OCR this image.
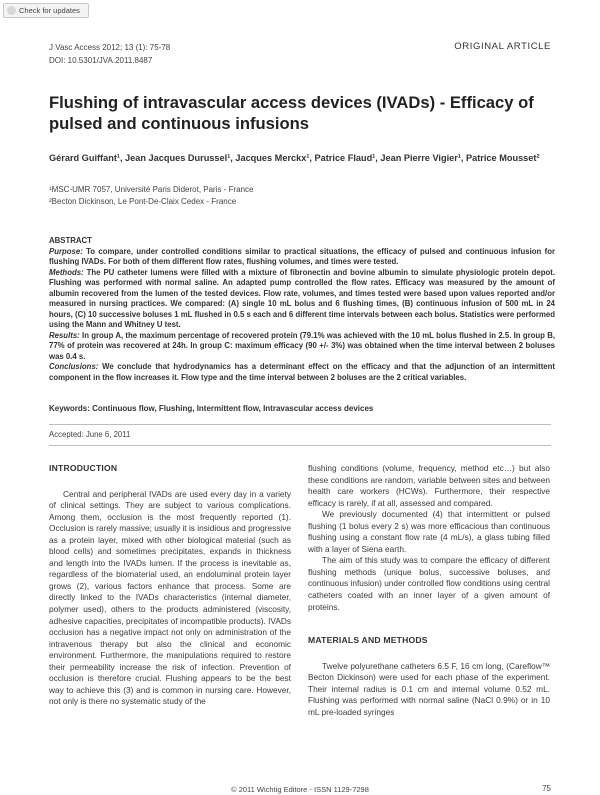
Check for updates
J Vasc Access 2012; 13 (1): 75-78
DOI: 10.5301/JVA.2011.8487
ORIGINAL ARTICLE
Flushing of intravascular access devices (IVADs) - Efficacy of pulsed and continuous infusions
Gérard Guiffant¹, Jean Jacques Durussel¹, Jacques Merckx¹, Patrice Flaud¹, Jean Pierre Vigier¹, Patrice Mousset²
¹MSC-UMR 7057, Université Paris Diderot, Paris - France
²Becton Dickinson, Le Pont-De-Claix Cedex - France
ABSTRACT
Purpose: To compare, under controlled conditions similar to practical situations, the efficacy of pulsed and continuous infusion for flushing IVADs. For both of them different flow rates, flushing volumes, and times were tested.
Methods: The PU catheter lumens were filled with a mixture of fibronectin and bovine albumin to simulate physiologic protein depot. Flushing was performed with normal saline. An adapted pump controlled the flow rates. Efficacy was measured by the amount of albumin recovered from the lumen of the tested devices. Flow rate, volumes, and times tested were based upon values reported and/or measured in nursing practices. We compared: (A) single 10 mL bolus and 6 flushing times, (B) continuous infusion of 500 mL in 24 hours, (C) 10 successive boluses 1 mL flushed in 0.5 s each and 6 different time intervals between each bolus. Statistics were performed using the Mann and Whitney U test.
Results: In group A, the maximum percentage of recovered protein (79.1% was achieved with the 10 mL bolus flushed in 2.5. In group B, 77% of protein was recovered at 24h. In group C: maximum efficacy (90 +/- 3%) was obtained when the time interval between 2 boluses was 0.4 s.
Conclusions: We conclude that hydrodynamics has a determinant effect on the efficacy and that the adjunction of an intermittent component in the flow increases it. Flow type and the time interval between 2 boluses are the 2 critical variables.
Keywords: Continuous flow, Flushing, Intermittent flow, Intravascular access devices
Accepted: June 6, 2011
INTRODUCTION

Central and peripheral IVADs are used every day in a variety of clinical settings. They are subject to various complications. Among them, occlusion is the most frequently reported (1). Occlusion is rarely massive; usually it is insidious and progressive as a protein layer, mixed with other biological material (such as blood cells) and sometimes precipitates, expands in thickness and length into the IVADs lumen. If the process is inevitable as, regardless of the biomaterial used, an endoluminal protein layer grows (2), various factors enhance that process. Some are directly linked to the IVADs characteristics (internal diameter, polymer used), others to the products administered (viscosity, adhesive capacities, precipitates of incompatible products). IVADs occlusion has a negative impact not only on administration of the intravenous therapy but also the clinical and economic environment. Furthermore, the manipulations required to restore their permeability increase the risk of infection. Prevention of occlusion is therefore crucial. Flushing appears to be the best way to achieve this (3) and is common in nursing care. However, not only is there no systematic study of the

flushing conditions (volume, frequency, method etc…) but also these conditions are random, variable between sites and between health care workers (HCWs). Furthermore, their respective efficacy is rarely, if at all, assessed and compared.

We previously documented (4) that intermittent or pulsed flushing (1 bolus every 2 s) was more efficacious than continuous flushing using a constant flow rate (4 mL/s), a glass tubing filled with a layer of Siena earth.

The aim of this study was to compare the efficacy of different flushing methods (unique bolus, successive boluses, and continuous infusion) under controlled flow conditions using central catheters coated with an inner layer of a given amount of proteins.

MATERIALS AND METHODS

Twelve polyurethane catheters 6.5 F, 16 cm long, (Careflow™ Becton Dickinson) were used for each phase of the experiment. Their internal radius is 0.1 cm and internal volume 0.52 mL. Flushing was performed with normal saline (NaCl 0.9%) or in 10 mL pre-loaded syringes

© 2011 Wichtig Editore - ISSN 1129-7298	75
